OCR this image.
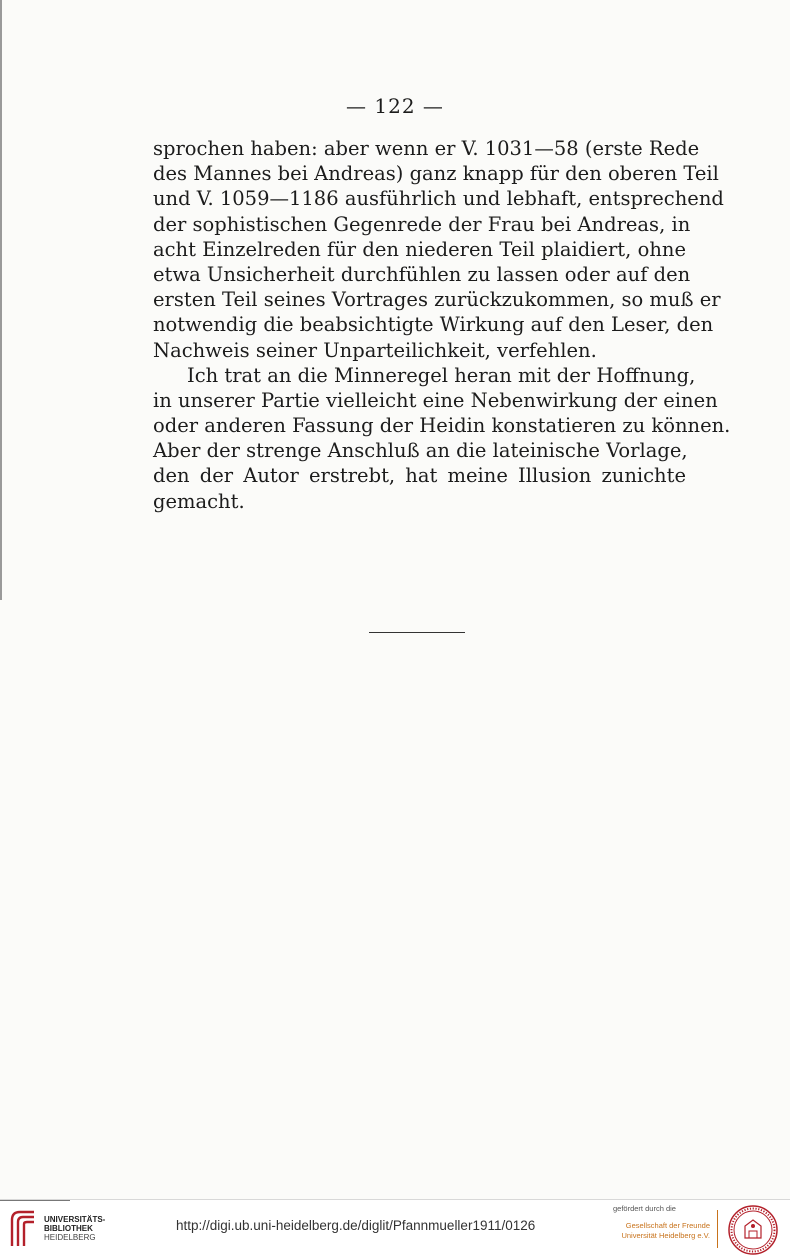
— 122 —
sprochen haben: aber wenn er V. 1031—58 (erste Rede
des Mannes bei Andreas) ganz knapp für den oberen Teil
und V. 1059—1186 ausführlich und lebhaft, entsprechend
der sophistischen Gegenrede der Frau bei Andreas, in
acht Einzelreden für den niederen Teil plaidiert, ohne
etwa Unsicherheit durchfühlen zu lassen oder auf den
ersten Teil seines Vortrages zurückzukommen, so muß er
notwendig die beabsichtigte Wirkung auf den Leser, den
Nachweis seiner Unparteilichkeit, verfehlen.
Ich trat an die Minneregel heran mit der Hoffnung,
in unserer Partie vielleicht eine Nebenwirkung der einen
oder anderen Fassung der Heidin konstatieren zu können.
Aber der strenge Anschluß an die lateinische Vorlage,
den der Autor erstrebt, hat meine Illusion zunichte
gemacht.
UNIVERSITÄTS-
BIBLIOTHEK
HEIDELBERG
http://digi.ub.uni-heidelberg.de/diglit/Pfannmueller1911/0126
gefördert durch die
Gesellschaft der Freunde
Universität Heidelberg e.V.
